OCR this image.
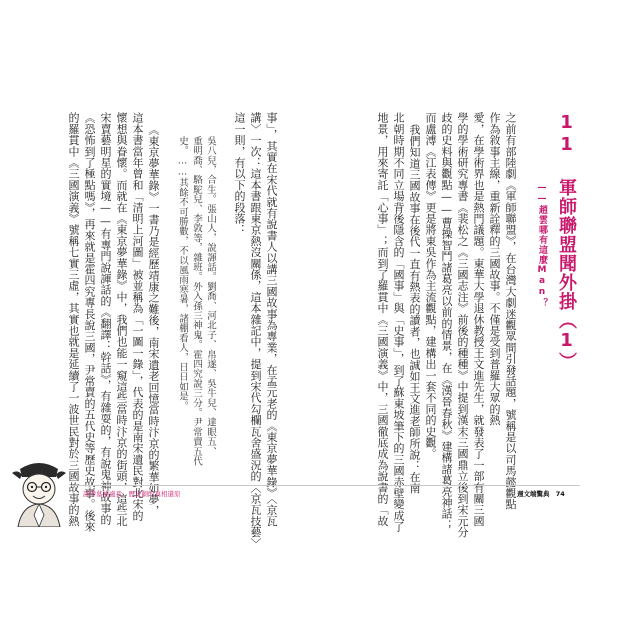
11 軍師聯盟聞外掛（1）
——趙雲哪有這麼Man？
之前有部陸劇《軍師聯盟》，在台灣大劇迷觀眾間引發話題，號稱是以司馬懿觀點
作為敘事主線，重新詮釋的三國故事。不僅是受到普羅大眾的熱
愛，在學術界也是熱門議題。東華大學退休教授王文進先生，就發表了一部有關三國
學的學術研究專書《裴松之《三國志注》前後的種種》中提到漢末三國鼎立後到宋元分
歧的史料與觀點——曹操智鬥諸葛亮以前的情景，在《漢晉春秋》建構諸葛亮神話；
而盧溥《江表傳》更是將東吳作為主流觀點，建構出一套不同的史觀。
我們知道三國故事在後代一直有熱表的讀者，也誠如王文進老師所說：在南
北朝時期不同立場背後隱含的「國事」與「史事」，到了蘇東坡筆下的三國赤壁變成了
地景，用來寄託「心事」；而到了羅貫中《三國演義》中，三國徹底成為說書的「故
事」，其實在宋代就有說書人以講三國故事為專業，在孟元老的《東京夢華錄》〈京瓦
講〉一次：這本書跟東京熱沒關係，這本雜記中，提到宋代勾欄瓦舍盛況的〈京瓦技藝〉
這一則，有以下的段落：
吳八兒，合生。張山人，說諢話。劉喬、河北子、帛遂、吳牛兒、達眼五、
重明喬、駱駝兒、李敦等，雜班。外入孫三神鬼。霍四究說三分。尹常賣五代
史。……其餘不可勝數，不以風雨寒暑，諸棚看人，日日如是。
《東京夢華錄》一書乃是經歷靖康之難後，南宋遺老回憶當時汴京的繁華如夢，
這本書當年曾和「清明上河圖」被並稱為「一圖一錄」，代表的是南宋遺民對北宋的
懷想與眷懷。而就在《東京夢華錄》中，我們也能一窺這些當時汴京的街頭，這些北
宋賣藝明星的實境——有專門說諢話的《翻譯：幹話》，有雜耍的，有說鬼神故事的
《恐怖到了極點嗎》，再來就是霍四究專長說三國，尹常賣的五代史等歷史故事。後來
的羅貫中《三國演義》號稱七實三虛，其實也就是延續了一波世民對於三國故事的熱 課帶墓補盧我．歷史劇的真相還原	週文端驚典 74
